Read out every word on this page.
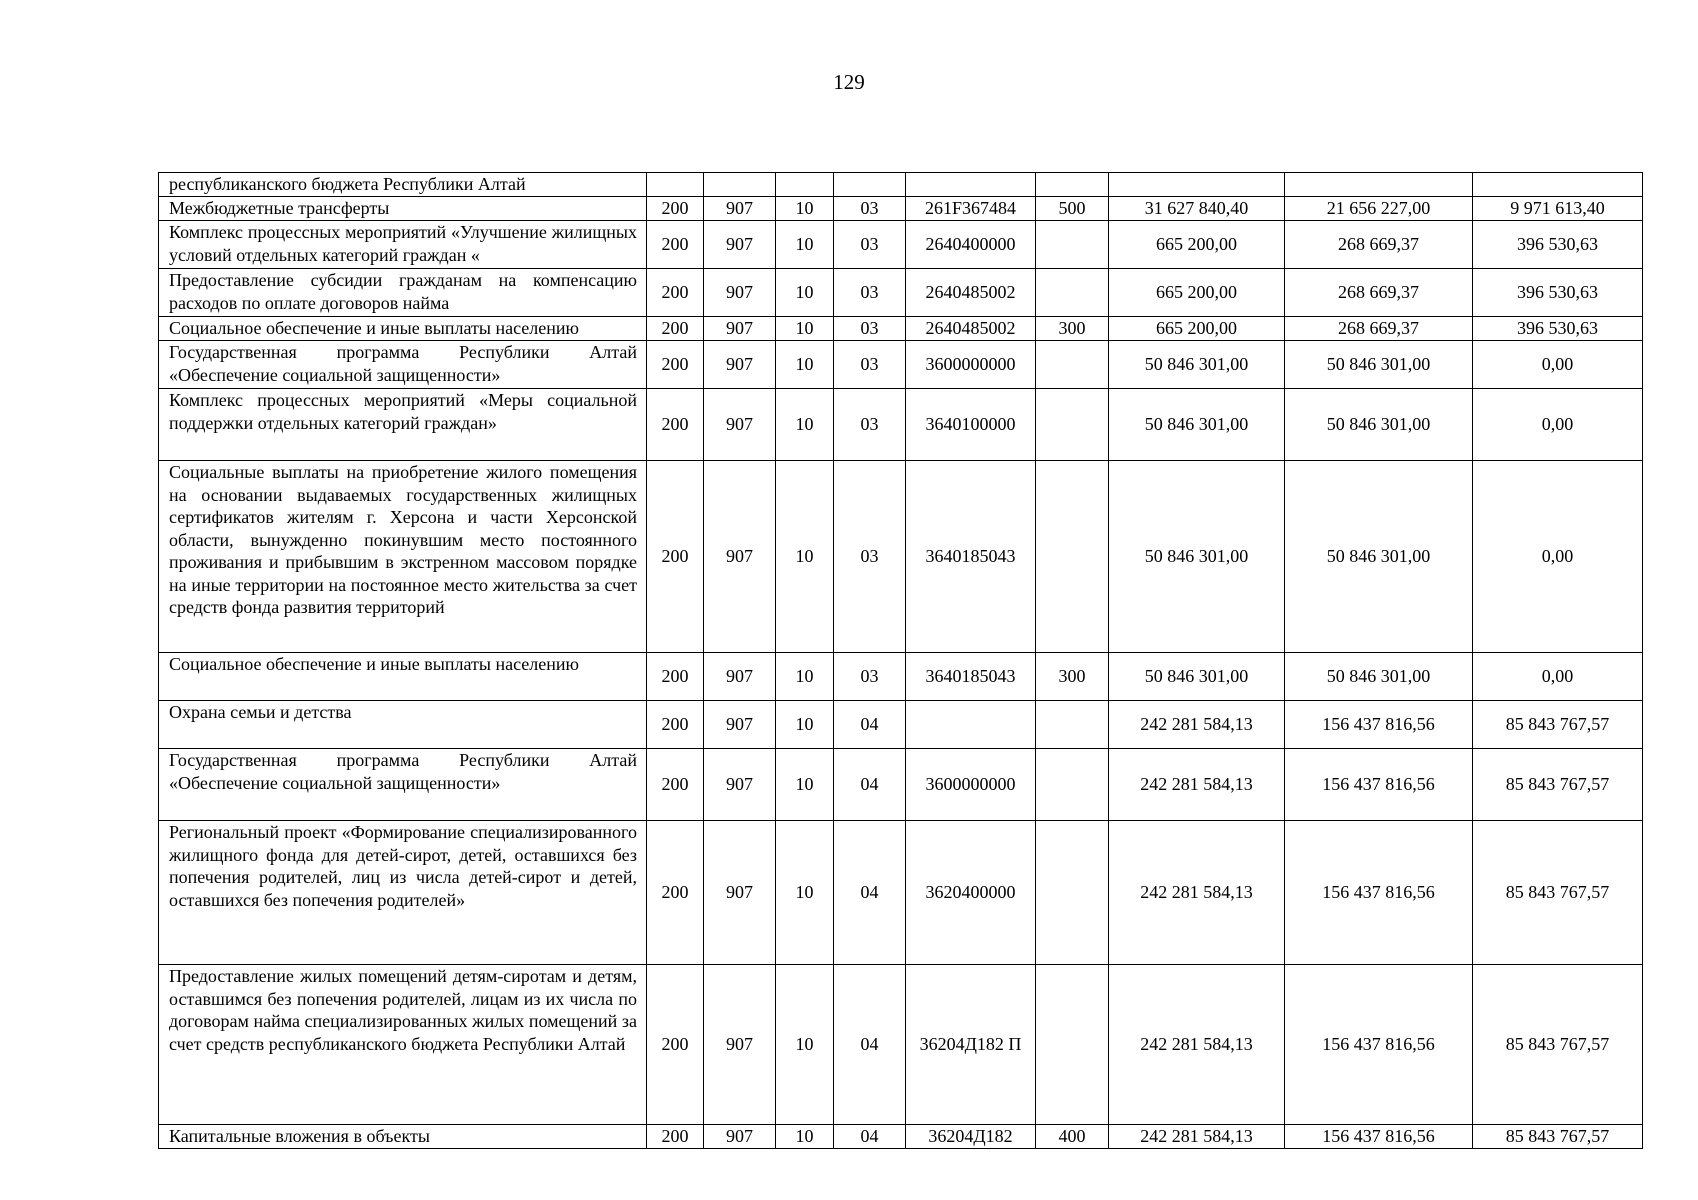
129
республиканского бюджета Республики Алтай									
Межбюджетные трансферты	200	907	10	03	261F367484	500	31 627 840,40	21 656 227,00	9 971 613,40
Комплекс процессных мероприятий «Улучшение жилищных условий отдельных категорий граждан «	200	907	10	03	2640400000		665 200,00	268 669,37	396 530,63
Предоставление субсидии гражданам на компенсацию расходов по оплате договоров найма	200	907	10	03	2640485002		665 200,00	268 669,37	396 530,63
Социальное обеспечение и иные выплаты населению	200	907	10	03	2640485002	300	665 200,00	268 669,37	396 530,63
Государственная программа Республики Алтай «Обеспечение социальной защищенности»	200	907	10	03	3600000000		50 846 301,00	50 846 301,00	0,00
Комплекс процессных мероприятий «Меры социальной поддержки отдельных категорий граждан»	200	907	10	03	3640100000		50 846 301,00	50 846 301,00	0,00
Социальные выплаты на приобретение жилого помещения на основании выдаваемых государственных жилищных сертификатов жителям г. Херсона и части Херсонской области, вынужденно покинувшим место постоянного проживания и прибывшим в экстренном массовом порядке на иные территории на постоянное место жительства за счет средств фонда развития территорий	200	907	10	03	3640185043		50 846 301,00	50 846 301,00	0,00
Социальное обеспечение и иные выплаты населению	200	907	10	03	3640185043	300	50 846 301,00	50 846 301,00	0,00
Охрана семьи и детства	200	907	10	04			242 281 584,13	156 437 816,56	85 843 767,57
Государственная программа Республики Алтай «Обеспечение социальной защищенности»	200	907	10	04	3600000000		242 281 584,13	156 437 816,56	85 843 767,57
Региональный проект «Формирование специализированного жилищного фонда для детей-сирот, детей, оставшихся без попечения родителей, лиц из числа детей-сирот и детей, оставшихся без попечения родителей»	200	907	10	04	3620400000		242 281 584,13	156 437 816,56	85 843 767,57
Предоставление жилых помещений детям-сиротам и детям, оставшимся без попечения родителей, лицам из их числа по договорам найма специализированных жилых помещений за счет средств республиканского бюджета Республики Алтай	200	907	10	04	36204Д182 П		242 281 584,13	156 437 816,56	85 843 767,57
Капитальные вложения в объекты	200	907	10	04	36204Д182	400	242 281 584,13	156 437 816,56	85 843 767,57
